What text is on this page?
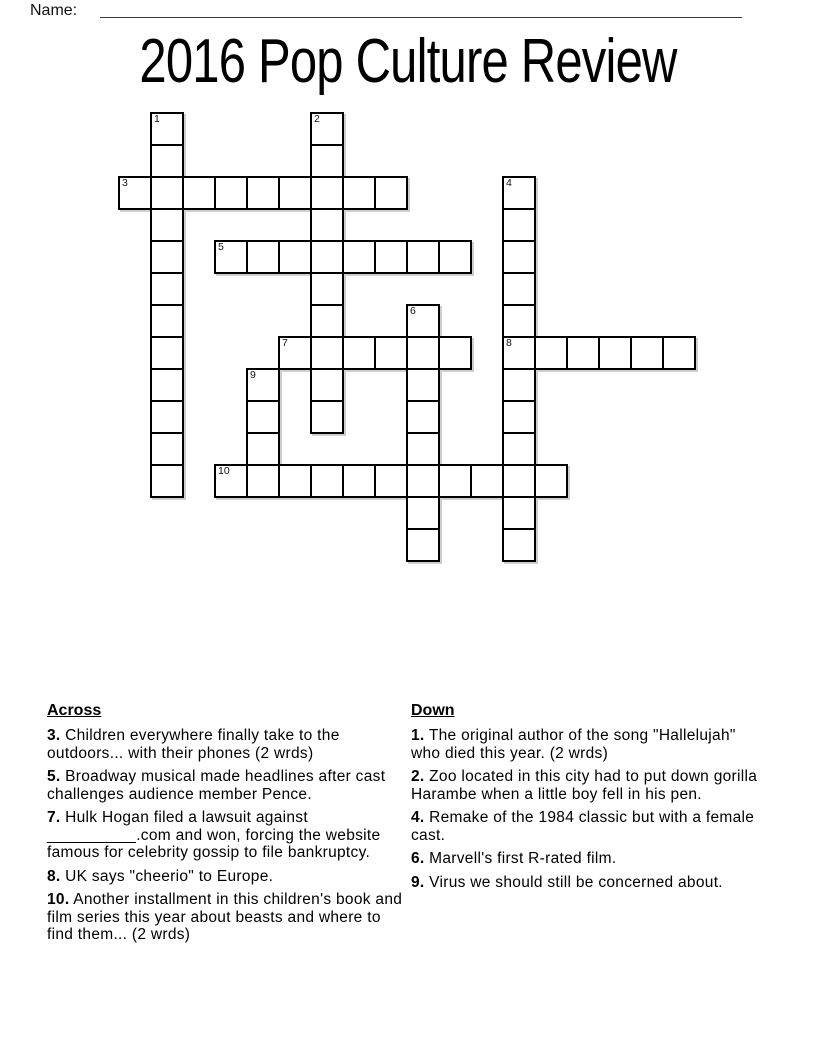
Name:
2016 Pop Culture Review
1	2
3	4
5
6
7	8
9
10
Across

3. Children everywhere finally take to the outdoors... with their phones (2 wrds)

5. Broadway musical made headlines after cast challenges audience member Pence.

7. Hulk Hogan filed a lawsuit against __________.com and won, forcing the website famous for celebrity gossip to file bankruptcy.

8. UK says "cheerio" to Europe.

10. Another installment in this children's book and film series this year about beasts and where to find them... (2 wrds)

Down

1. The original author of the song "Hallelujah" who died this year. (2 wrds)

2. Zoo located in this city had to put down gorilla Harambe when a little boy fell in his pen.

4. Remake of the 1984 classic but with a female cast.

6. Marvell's first R-rated film.

9. Virus we should still be concerned about.
